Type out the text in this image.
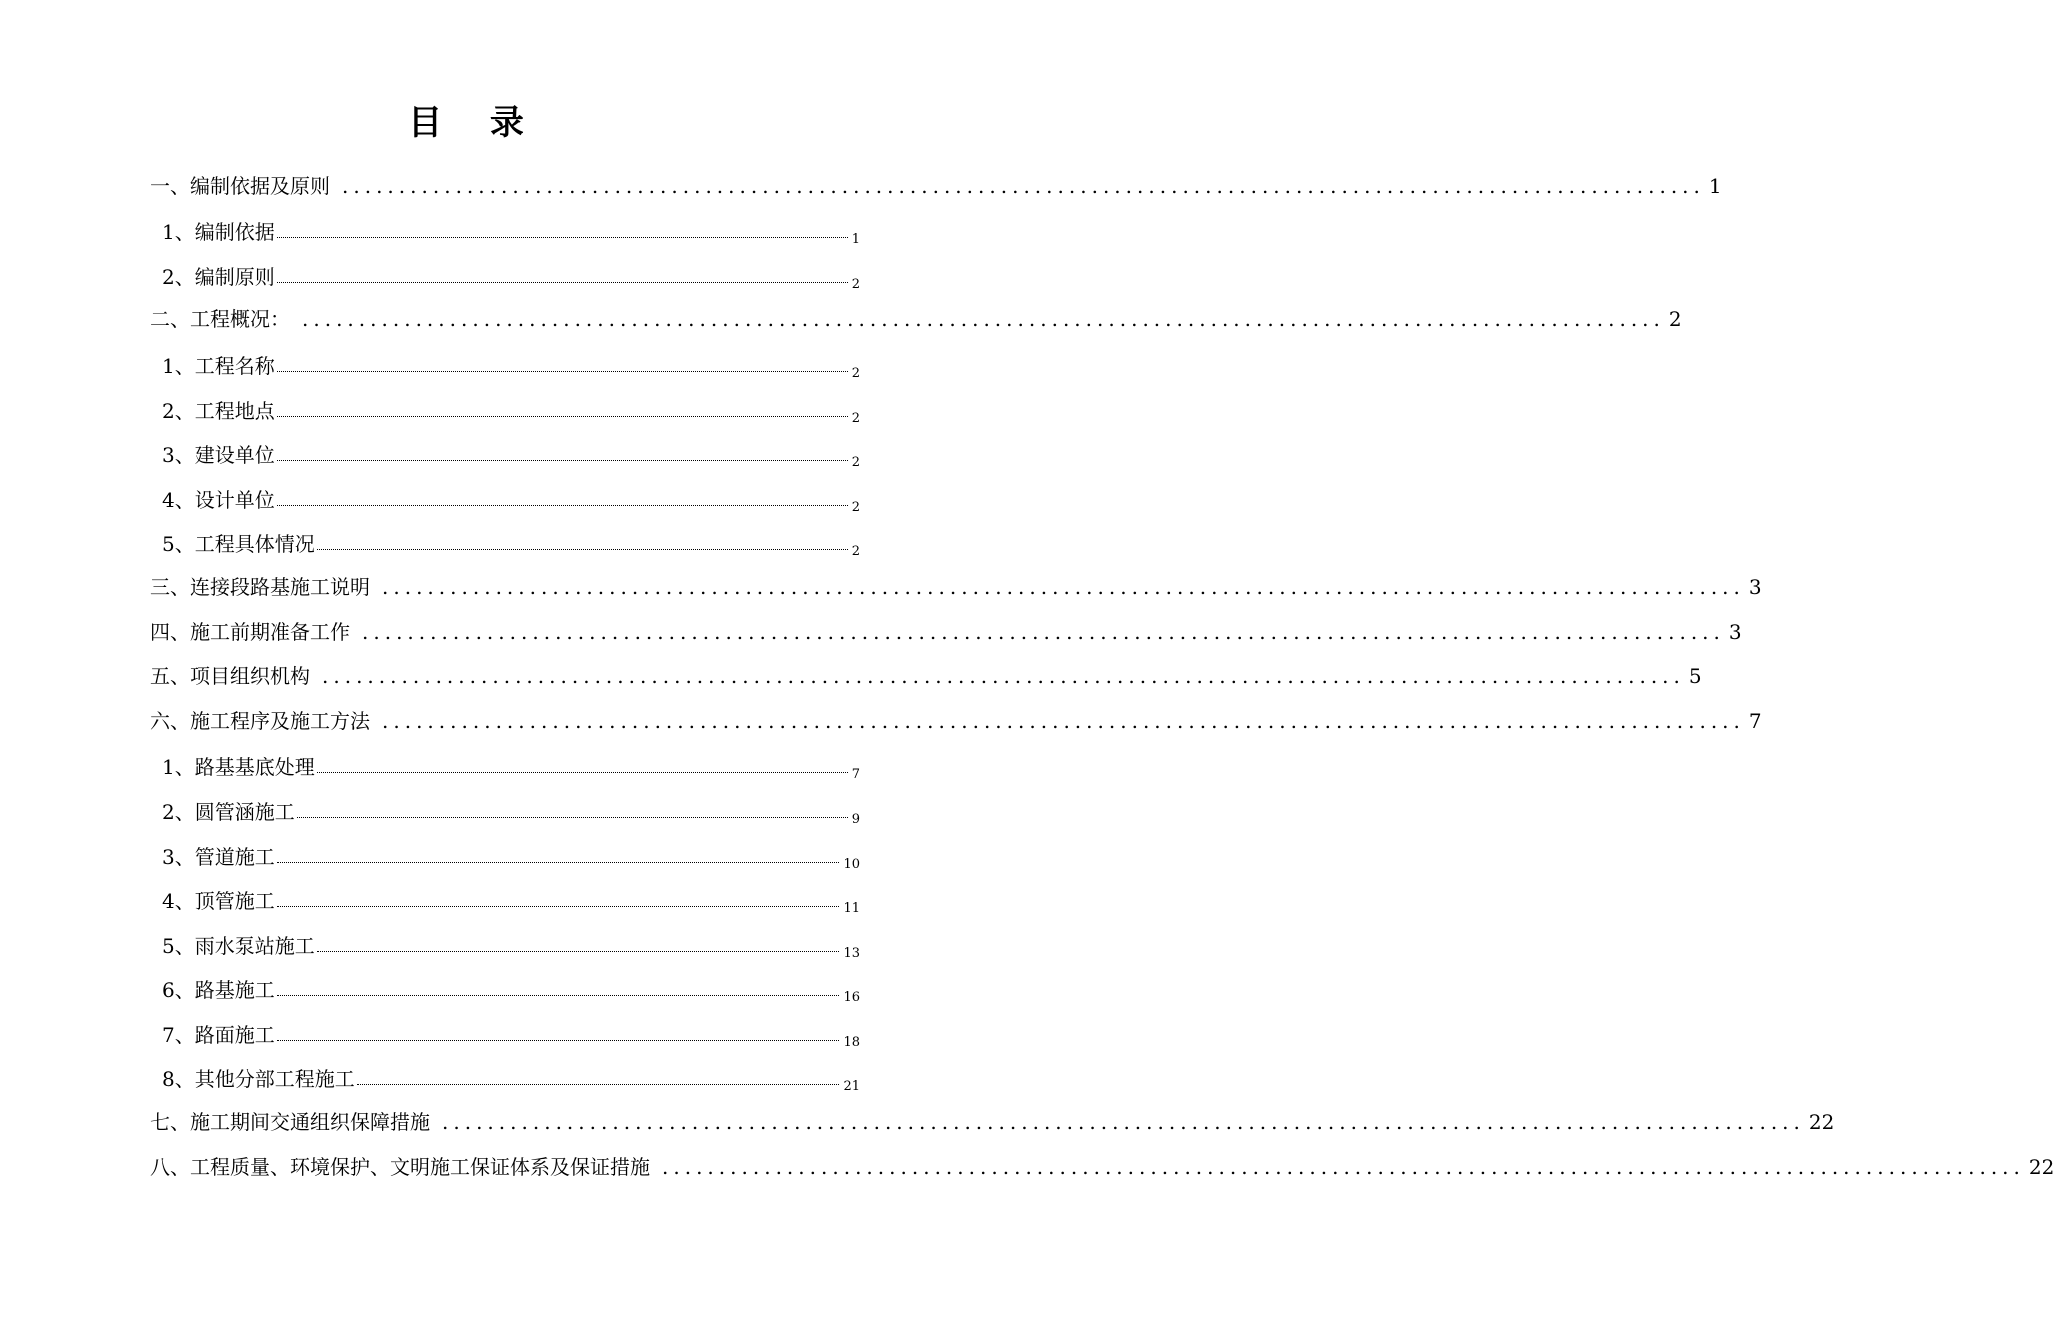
目 录
一、编制依据及原则 ........................................................................................................................ 1
1、编制依据	1
2、编制原则	2
二、工程概况： ........................................................................................................................ 2
1、工程名称	2
2、工程地点	2
3、建设单位	2
4、设计单位	2
5、工程具体情况	2
三、连接段路基施工说明 ........................................................................................................................ 3
四、施工前期准备工作 ........................................................................................................................ 3
五、项目组织机构 ........................................................................................................................ 5
六、施工程序及施工方法 ........................................................................................................................ 7
1、路基基底处理	7
2、圆管涵施工	9
3、管道施工	10
4、顶管施工	11
5、雨水泵站施工	13
6、路基施工	16
7、路面施工	18
8、其他分部工程施工	21
七、施工期间交通组织保障措施 ........................................................................................................................ 22
八、工程质量、环境保护、文明施工保证体系及保证措施 ........................................................................................................................ 22
